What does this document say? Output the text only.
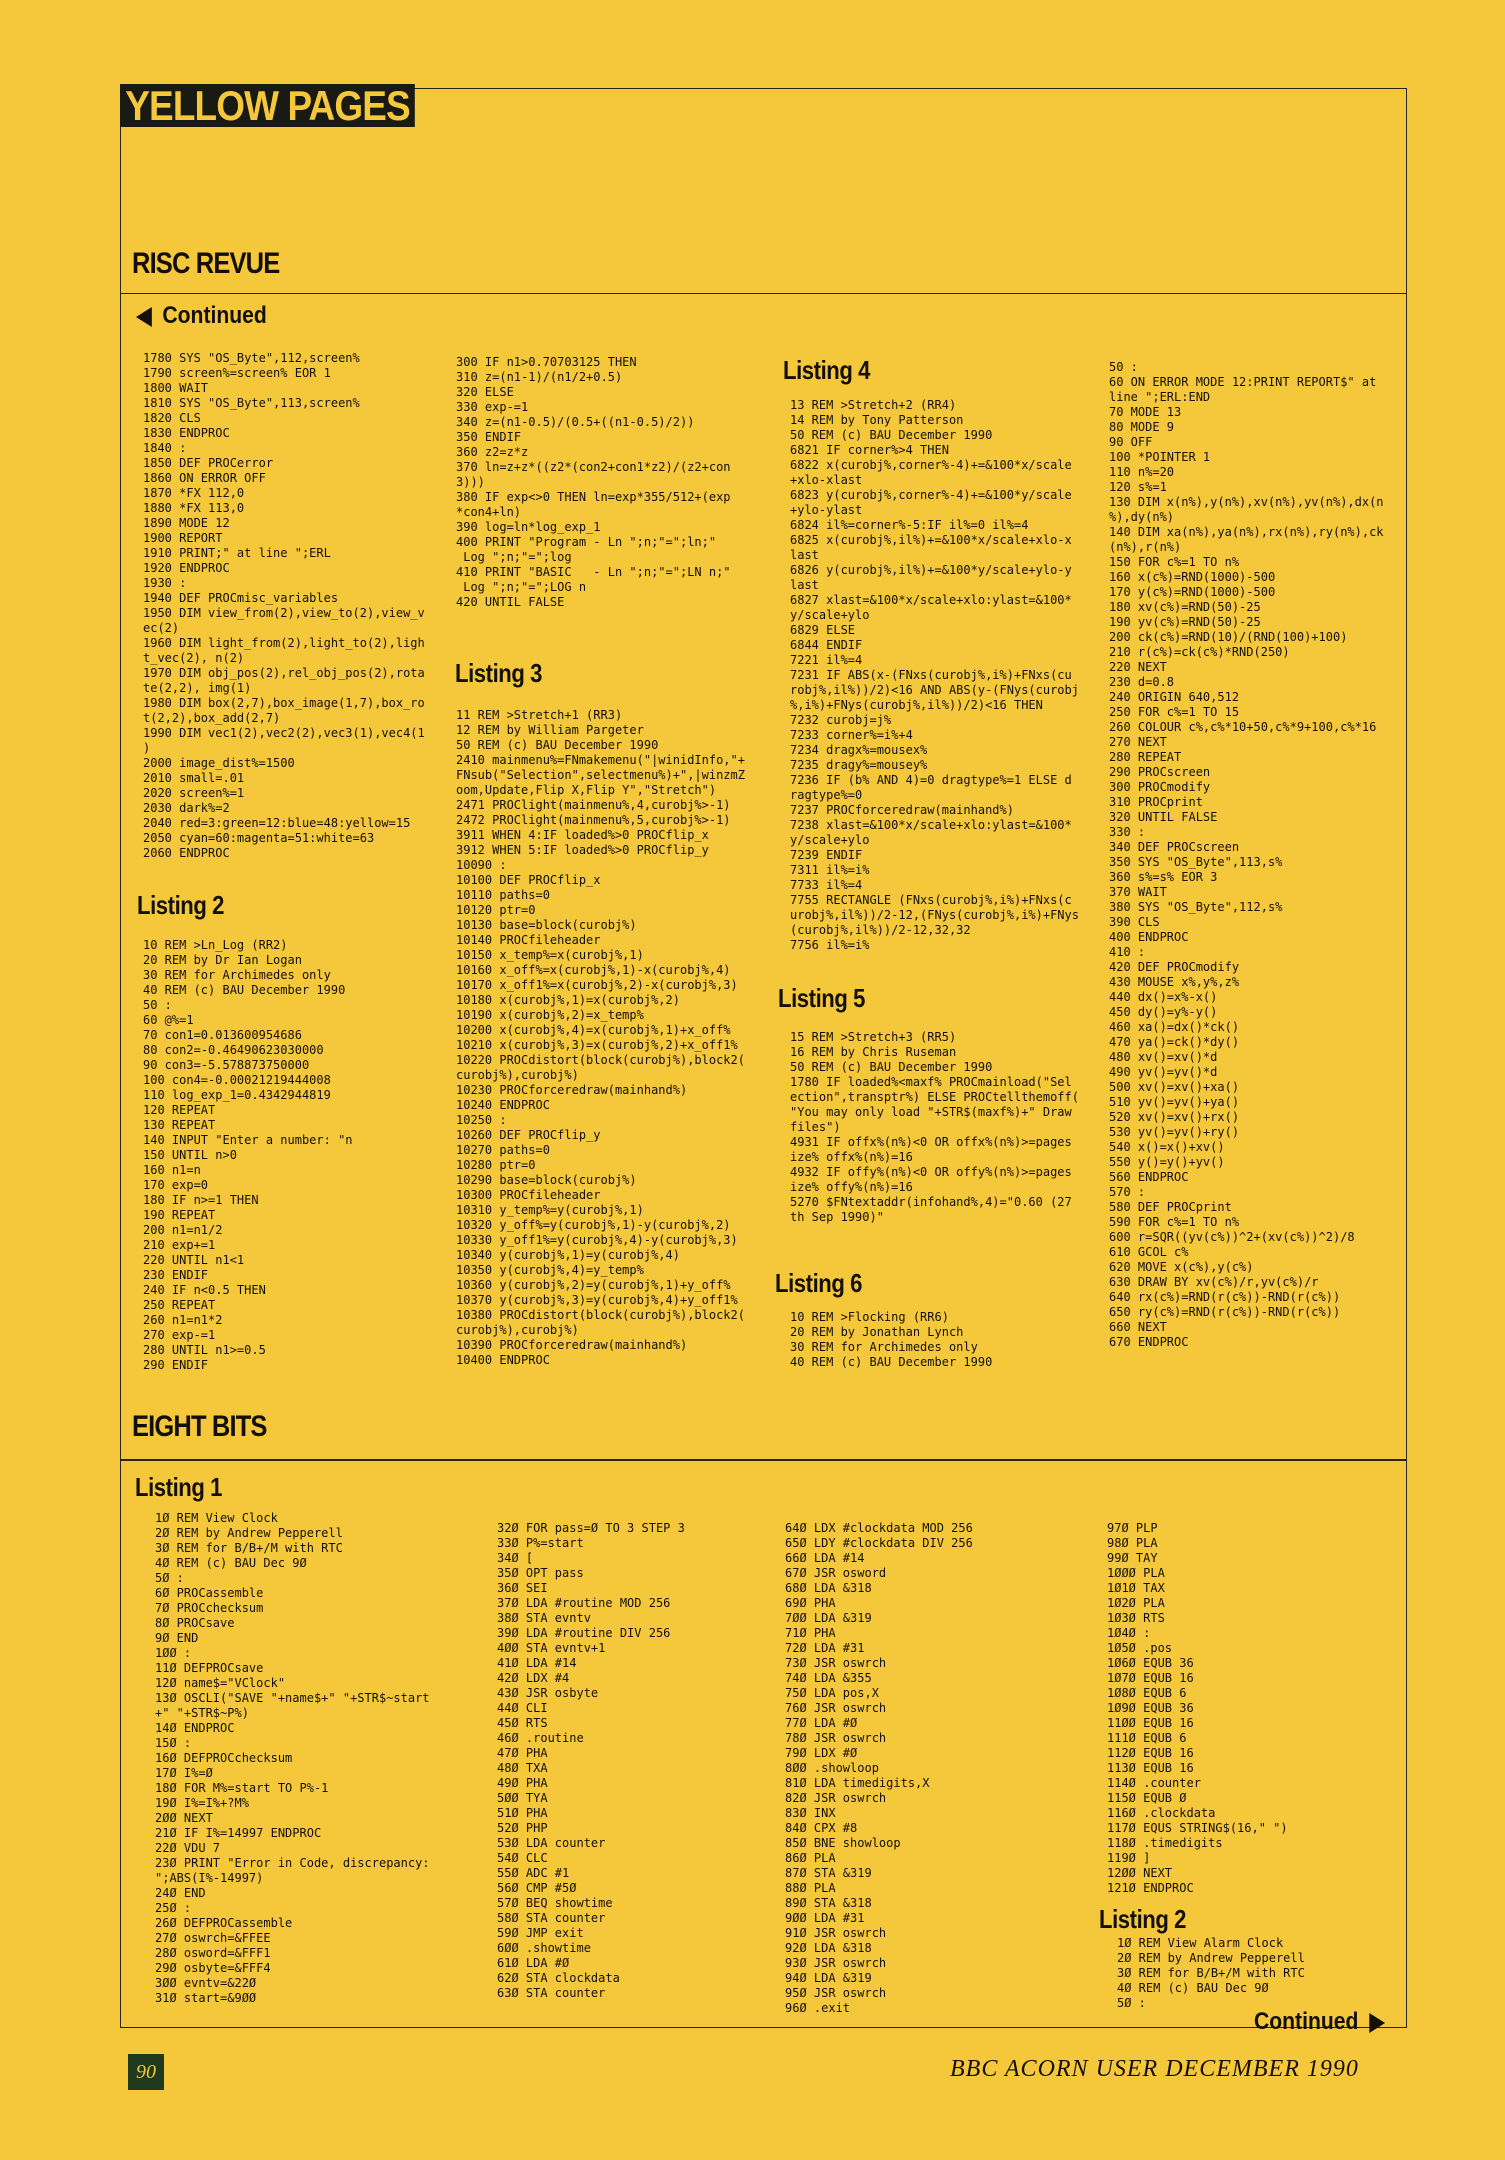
YELLOW PAGES
RISC REVUE
Continued
1780 SYS "OS_Byte",112,screen%
1790 screen%=screen% EOR 1
1800 WAIT
1810 SYS "OS_Byte",113,screen%
1820 CLS
1830 ENDPROC
1840 :
1850 DEF PROCerror
1860 ON ERROR OFF
1870 *FX 112,0
1880 *FX 113,0
1890 MODE 12
1900 REPORT
1910 PRINT;" at line ";ERL
1920 ENDPROC
1930 :
1940 DEF PROCmisc_variables
1950 DIM view_from(2),view_to(2),view_v
ec(2)
1960 DIM light_from(2),light_to(2),ligh
t_vec(2), n(2)
1970 DIM obj_pos(2),rel_obj_pos(2),rota
te(2,2), img(1)
1980 DIM box(2,7),box_image(1,7),box_ro
t(2,2),box_add(2,7)
1990 DIM vec1(2),vec2(2),vec3(1),vec4(1
)
2000 image_dist%=1500
2010 small=.01
2020 screen%=1
2030 dark%=2
2040 red=3:green=12:blue=48:yellow=15
2050 cyan=60:magenta=51:white=63
2060 ENDPROC
Listing 2
10 REM >Ln_Log (RR2)
20 REM by Dr Ian Logan
30 REM for Archimedes only
40 REM (c) BAU December 1990
50 :
60 @%=1
70 con1=0.013600954686
80 con2=-0.46490623030000
90 con3=-5.578873750000
100 con4=-0.00021219444008
110 log_exp_1=0.4342944819
120 REPEAT
130 REPEAT
140 INPUT "Enter a number: "n
150 UNTIL n>0
160 n1=n
170 exp=0
180 IF n>=1 THEN
190 REPEAT
200 n1=n1/2
210 exp+=1
220 UNTIL n1<1
230 ENDIF
240 IF n<0.5 THEN
250 REPEAT
260 n1=n1*2
270 exp-=1
280 UNTIL n1>=0.5
290 ENDIF
300 IF n1>0.70703125 THEN
310 z=(n1-1)/(n1/2+0.5)
320 ELSE
330 exp-=1
340 z=(n1-0.5)/(0.5+((n1-0.5)/2))
350 ENDIF
360 z2=z*z
370 ln=z+z*((z2*(con2+con1*z2)/(z2+con
3)))
380 IF exp<>0 THEN ln=exp*355/512+(exp
*con4+ln)
390 log=ln*log_exp_1
400 PRINT "Program - Ln ";n;"=";ln;"
Log ";n;"=";log
410 PRINT "BASIC   - Ln ";n;"=";LN n;"
Log ";n;"=";LOG n
420 UNTIL FALSE
Listing 3
11 REM >Stretch+1 (RR3)
12 REM by William Pargeter
50 REM (c) BAU December 1990
2410 mainmenu%=FNmakemenu("|winidInfo,"+
FNsub("Selection",selectmenu%)+",|winzmZ
oom,Update,Flip X,Flip Y","Stretch")
2471 PROClight(mainmenu%,4,curobj%>-1)
2472 PROClight(mainmenu%,5,curobj%>-1)
3911 WHEN 4:IF loaded%>0 PROCflip_x
3912 WHEN 5:IF loaded%>0 PROCflip_y
10090 :
10100 DEF PROCflip_x
10110 paths=0
10120 ptr=0
10130 base=block(curobj%)
10140 PROCfileheader
10150 x_temp%=x(curobj%,1)
10160 x_off%=x(curobj%,1)-x(curobj%,4)
10170 x_off1%=x(curobj%,2)-x(curobj%,3)
10180 x(curobj%,1)=x(curobj%,2)
10190 x(curobj%,2)=x_temp%
10200 x(curobj%,4)=x(curobj%,1)+x_off%
10210 x(curobj%,3)=x(curobj%,2)+x_off1%
10220 PROCdistort(block(curobj%),block2(
curobj%),curobj%)
10230 PROCforceredraw(mainhand%)
10240 ENDPROC
10250 :
10260 DEF PROCflip_y
10270 paths=0
10280 ptr=0
10290 base=block(curobj%)
10300 PROCfileheader
10310 y_temp%=y(curobj%,1)
10320 y_off%=y(curobj%,1)-y(curobj%,2)
10330 y_off1%=y(curobj%,4)-y(curobj%,3)
10340 y(curobj%,1)=y(curobj%,4)
10350 y(curobj%,4)=y_temp%
10360 y(curobj%,2)=y(curobj%,1)+y_off%
10370 y(curobj%,3)=y(curobj%,4)+y_off1%
10380 PROCdistort(block(curobj%),block2(
curobj%),curobj%)
10390 PROCforceredraw(mainhand%)
10400 ENDPROC
Listing 4
13 REM >Stretch+2 (RR4)
14 REM by Tony Patterson
50 REM (c) BAU December 1990
6821 IF corner%>4 THEN
6822 x(curobj%,corner%-4)+=&100*x/scale
+xlo-xlast
6823 y(curobj%,corner%-4)+=&100*y/scale
+ylo-ylast
6824 il%=corner%-5:IF il%=0 il%=4
6825 x(curobj%,il%)+=&100*x/scale+xlo-x
last
6826 y(curobj%,il%)+=&100*y/scale+ylo-y
last
6827 xlast=&100*x/scale+xlo:ylast=&100*
y/scale+ylo
6829 ELSE
6844 ENDIF
7221 il%=4
7231 IF ABS(x-(FNxs(curobj%,i%)+FNxs(cu
robj%,il%))/2)<16 AND ABS(y-(FNys(curobj
%,i%)+FNys(curobj%,il%))/2)<16 THEN
7232 curobj=j%
7233 corner%=i%+4
7234 dragx%=mousex%
7235 dragy%=mousey%
7236 IF (b% AND 4)=0 dragtype%=1 ELSE d
ragtype%=0
7237 PROCforceredraw(mainhand%)
7238 xlast=&100*x/scale+xlo:ylast=&100*
y/scale+ylo
7239 ENDIF
7311 il%=i%
7733 il%=4
7755 RECTANGLE (FNxs(curobj%,i%)+FNxs(c
urobj%,il%))/2-12,(FNys(curobj%,i%)+FNys
(curobj%,il%))/2-12,32,32
7756 il%=i%
Listing 5
15 REM >Stretch+3 (RR5)
16 REM by Chris Ruseman
50 REM (c) BAU December 1990
1780 IF loaded%<maxf% PROCmainload("Sel
ection",transptr%) ELSE PROCtellthemoff(
"You may only load "+STR$(maxf%)+" Draw
files")
4931 IF offx%(n%)<0 OR offx%(n%)>=pages
ize% offx%(n%)=16
4932 IF offy%(n%)<0 OR offy%(n%)>=pages
ize% offy%(n%)=16
5270 $FNtextaddr(infohand%,4)="0.60 (27
th Sep 1990)"
Listing 6
10 REM >Flocking (RR6)
20 REM by Jonathan Lynch
30 REM for Archimedes only
40 REM (c) BAU December 1990
50 :
60 ON ERROR MODE 12:PRINT REPORT$" at
line ";ERL:END
70 MODE 13
80 MODE 9
90 OFF
100 *POINTER 1
110 n%=20
120 s%=1
130 DIM x(n%),y(n%),xv(n%),yv(n%),dx(n
%),dy(n%)
140 DIM xa(n%),ya(n%),rx(n%),ry(n%),ck
(n%),r(n%)
150 FOR c%=1 TO n%
160 x(c%)=RND(1000)-500
170 y(c%)=RND(1000)-500
180 xv(c%)=RND(50)-25
190 yv(c%)=RND(50)-25
200 ck(c%)=RND(10)/(RND(100)+100)
210 r(c%)=ck(c%)*RND(250)
220 NEXT
230 d=0.8
240 ORIGIN 640,512
250 FOR c%=1 TO 15
260 COLOUR c%,c%*10+50,c%*9+100,c%*16
270 NEXT
280 REPEAT
290 PROCscreen
300 PROCmodify
310 PROCprint
320 UNTIL FALSE
330 :
340 DEF PROCscreen
350 SYS "OS_Byte",113,s%
360 s%=s% EOR 3
370 WAIT
380 SYS "OS_Byte",112,s%
390 CLS
400 ENDPROC
410 :
420 DEF PROCmodify
430 MOUSE x%,y%,z%
440 dx()=x%-x()
450 dy()=y%-y()
460 xa()=dx()*ck()
470 ya()=ck()*dy()
480 xv()=xv()*d
490 yv()=yv()*d
500 xv()=xv()+xa()
510 yv()=yv()+ya()
520 xv()=xv()+rx()
530 yv()=yv()+ry()
540 x()=x()+xv()
550 y()=y()+yv()
560 ENDPROC
570 :
580 DEF PROCprint
590 FOR c%=1 TO n%
600 r=SQR((yv(c%))^2+(xv(c%))^2)/8
610 GCOL c%
620 MOVE x(c%),y(c%)
630 DRAW BY xv(c%)/r,yv(c%)/r
640 rx(c%)=RND(r(c%))-RND(r(c%))
650 ry(c%)=RND(r(c%))-RND(r(c%))
660 NEXT
670 ENDPROC
EIGHT BITS
Listing 1
1Ø REM View Clock
2Ø REM by Andrew Pepperell
3Ø REM for B/B+/M with RTC
4Ø REM (c) BAU Dec 9Ø
5Ø :
6Ø PROCassemble
7Ø PROCchecksum
8Ø PROCsave
9Ø END
1ØØ :
11Ø DEFPROCsave
12Ø name$="VClock"
13Ø OSCLI("SAVE "+name$+" "+STR$~start
+" "+STR$~P%)
14Ø ENDPROC
15Ø :
16Ø DEFPROCchecksum
17Ø I%=Ø
18Ø FOR M%=start TO P%-1
19Ø I%=I%+?M%
2ØØ NEXT
21Ø IF I%=14997 ENDPROC
22Ø VDU 7
23Ø PRINT "Error in Code, discrepancy:
";ABS(I%-14997)
24Ø END
25Ø :
26Ø DEFPROCassemble
27Ø oswrch=&FFEE
28Ø osword=&FFF1
29Ø osbyte=&FFF4
3ØØ evntv=&22Ø
31Ø start=&9ØØ
32Ø FOR pass=Ø TO 3 STEP 3
33Ø P%=start
34Ø [
35Ø OPT pass
36Ø SEI
37Ø LDA #routine MOD 256
38Ø STA evntv
39Ø LDA #routine DIV 256
4ØØ STA evntv+1
41Ø LDA #14
42Ø LDX #4
43Ø JSR osbyte
44Ø CLI
45Ø RTS
46Ø .routine
47Ø PHA
48Ø TXA
49Ø PHA
5ØØ TYA
51Ø PHA
52Ø PHP
53Ø LDA counter
54Ø CLC
55Ø ADC #1
56Ø CMP #5Ø
57Ø BEQ showtime
58Ø STA counter
59Ø JMP exit
6ØØ .showtime
61Ø LDA #Ø
62Ø STA clockdata
63Ø STA counter
64Ø LDX #clockdata MOD 256
65Ø LDY #clockdata DIV 256
66Ø LDA #14
67Ø JSR osword
68Ø LDA &318
69Ø PHA
7ØØ LDA &319
71Ø PHA
72Ø LDA #31
73Ø JSR oswrch
74Ø LDA &355
75Ø LDA pos,X
76Ø JSR oswrch
77Ø LDA #Ø
78Ø JSR oswrch
79Ø LDX #Ø
8ØØ .showloop
81Ø LDA timedigits,X
82Ø JSR oswrch
83Ø INX
84Ø CPX #8
85Ø BNE showloop
86Ø PLA
87Ø STA &319
88Ø PLA
89Ø STA &318
9ØØ LDA #31
91Ø JSR oswrch
92Ø LDA &318
93Ø JSR oswrch
94Ø LDA &319
95Ø JSR oswrch
96Ø .exit
97Ø PLP
98Ø PLA
99Ø TAY
1ØØØ PLA
1Ø1Ø TAX
1Ø2Ø PLA
1Ø3Ø RTS
1Ø4Ø :
1Ø5Ø .pos
1Ø6Ø EQUB 36
1Ø7Ø EQUB 16
1Ø8Ø EQUB 6
1Ø9Ø EQUB 36
11ØØ EQUB 16
111Ø EQUB 6
112Ø EQUB 16
113Ø EQUB 16
114Ø .counter
115Ø EQUB Ø
116Ø .clockdata
117Ø EQUS STRING$(16," ")
118Ø .timedigits
119Ø ]
12ØØ NEXT
121Ø ENDPROC
Listing 2
1Ø REM View Alarm Clock
2Ø REM by Andrew Pepperell
3Ø REM for B/B+/M with RTC
4Ø REM (c) BAU Dec 9Ø
5Ø :
Continued
90	BBC ACORN USER DECEMBER 1990
